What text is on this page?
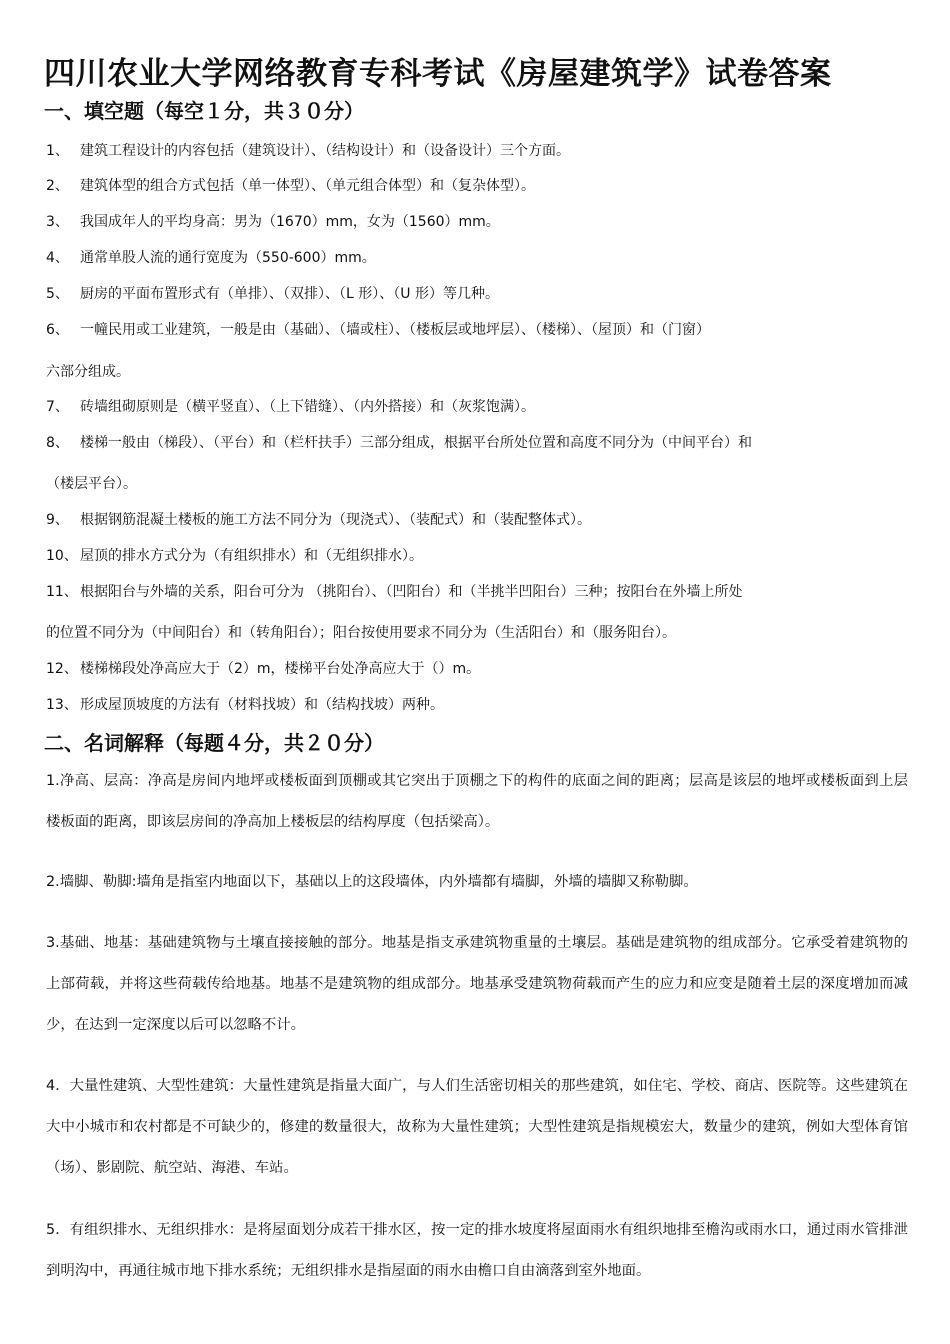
四川农业大学网络教育专科考试《房屋建筑学》试卷答案
一、填空题（每空１分，共３０分）
1、 建筑工程设计的内容包括（建筑设计）、（结构设计）和（设备设计）三个方面。
2、 建筑体型的组合方式包括（单一体型）、（单元组合体型）和（复杂体型）。
3、 我国成年人的平均身高：男为（1670）mm，女为（1560）mm。
4、 通常单股人流的通行宽度为（550-600）mm。
5、 厨房的平面布置形式有（单排）、（双排）、（L 形）、（U 形）等几种。
6、 一幢民用或工业建筑，一般是由（基础）、（墙或柱）、（楼板层或地坪层）、（楼梯）、（屋顶）和（门窗）
六部分组成。
7、 砖墙组砌原则是（横平竖直）、（上下错缝）、（内外搭接）和（灰浆饱满）。
8、 楼梯一般由（梯段）、（平台）和（栏杆扶手）三部分组成，根据平台所处位置和高度不同分为（中间平台）和
（楼层平台）。
9、 根据钢筋混凝土楼板的施工方法不同分为（现浇式）、（装配式）和（装配整体式）。
10、 屋顶的排水方式分为（有组织排水）和（无组织排水）。
11、 根据阳台与外墙的关系，阳台可分为 （挑阳台）、（凹阳台）和（半挑半凹阳台）三种；按阳台在外墙上所处
的位置不同分为（中间阳台）和（转角阳台）；阳台按使用要求不同分为（生活阳台）和（服务阳台）。
12、 楼梯梯段处净高应大于（2）m，楼梯平台处净高应大于（）m。
13、 形成屋顶坡度的方法有（材料找坡）和（结构找坡）两种。
二、名词解释（每题４分，共２０分）
1.净高、层高：净高是房间内地坪或楼板面到顶棚或其它突出于顶棚之下的构件的底面之间的距离；层高是该层的地坪或楼板面到上层楼板面的距离，即该层房间的净高加上楼板层的结构厚度（包括梁高）。
2.墙脚、勒脚:墙角是指室内地面以下，基础以上的这段墙体，内外墙都有墙脚，外墙的墙脚又称勒脚。
3.基础、地基：基础建筑物与土壤直接接触的部分。地基是指支承建筑物重量的土壤层。基础是建筑物的组成部分。它承受着建筑物的上部荷载，并将这些荷载传给地基。地基不是建筑物的组成部分。地基承受建筑物荷载而产生的应力和应变是随着土层的深度增加而减少，在达到一定深度以后可以忽略不计。
4．大量性建筑、大型性建筑：大量性建筑是指量大面广，与人们生活密切相关的那些建筑，如住宅、学校、商店、医院等。这些建筑在大中小城市和农村都是不可缺少的，修建的数量很大，故称为大量性建筑；大型性建筑是指规模宏大，数量少的建筑，例如大型体育馆（场）、影剧院、航空站、海港、车站。
5．有组织排水、无组织排水：是将屋面划分成若干排水区，按一定的排水坡度将屋面雨水有组织地排至檐沟或雨水口，通过雨水管排泄到明沟中，再通往城市地下排水系统；无组织排水是指屋面的雨水由檐口自由滴落到室外地面。
